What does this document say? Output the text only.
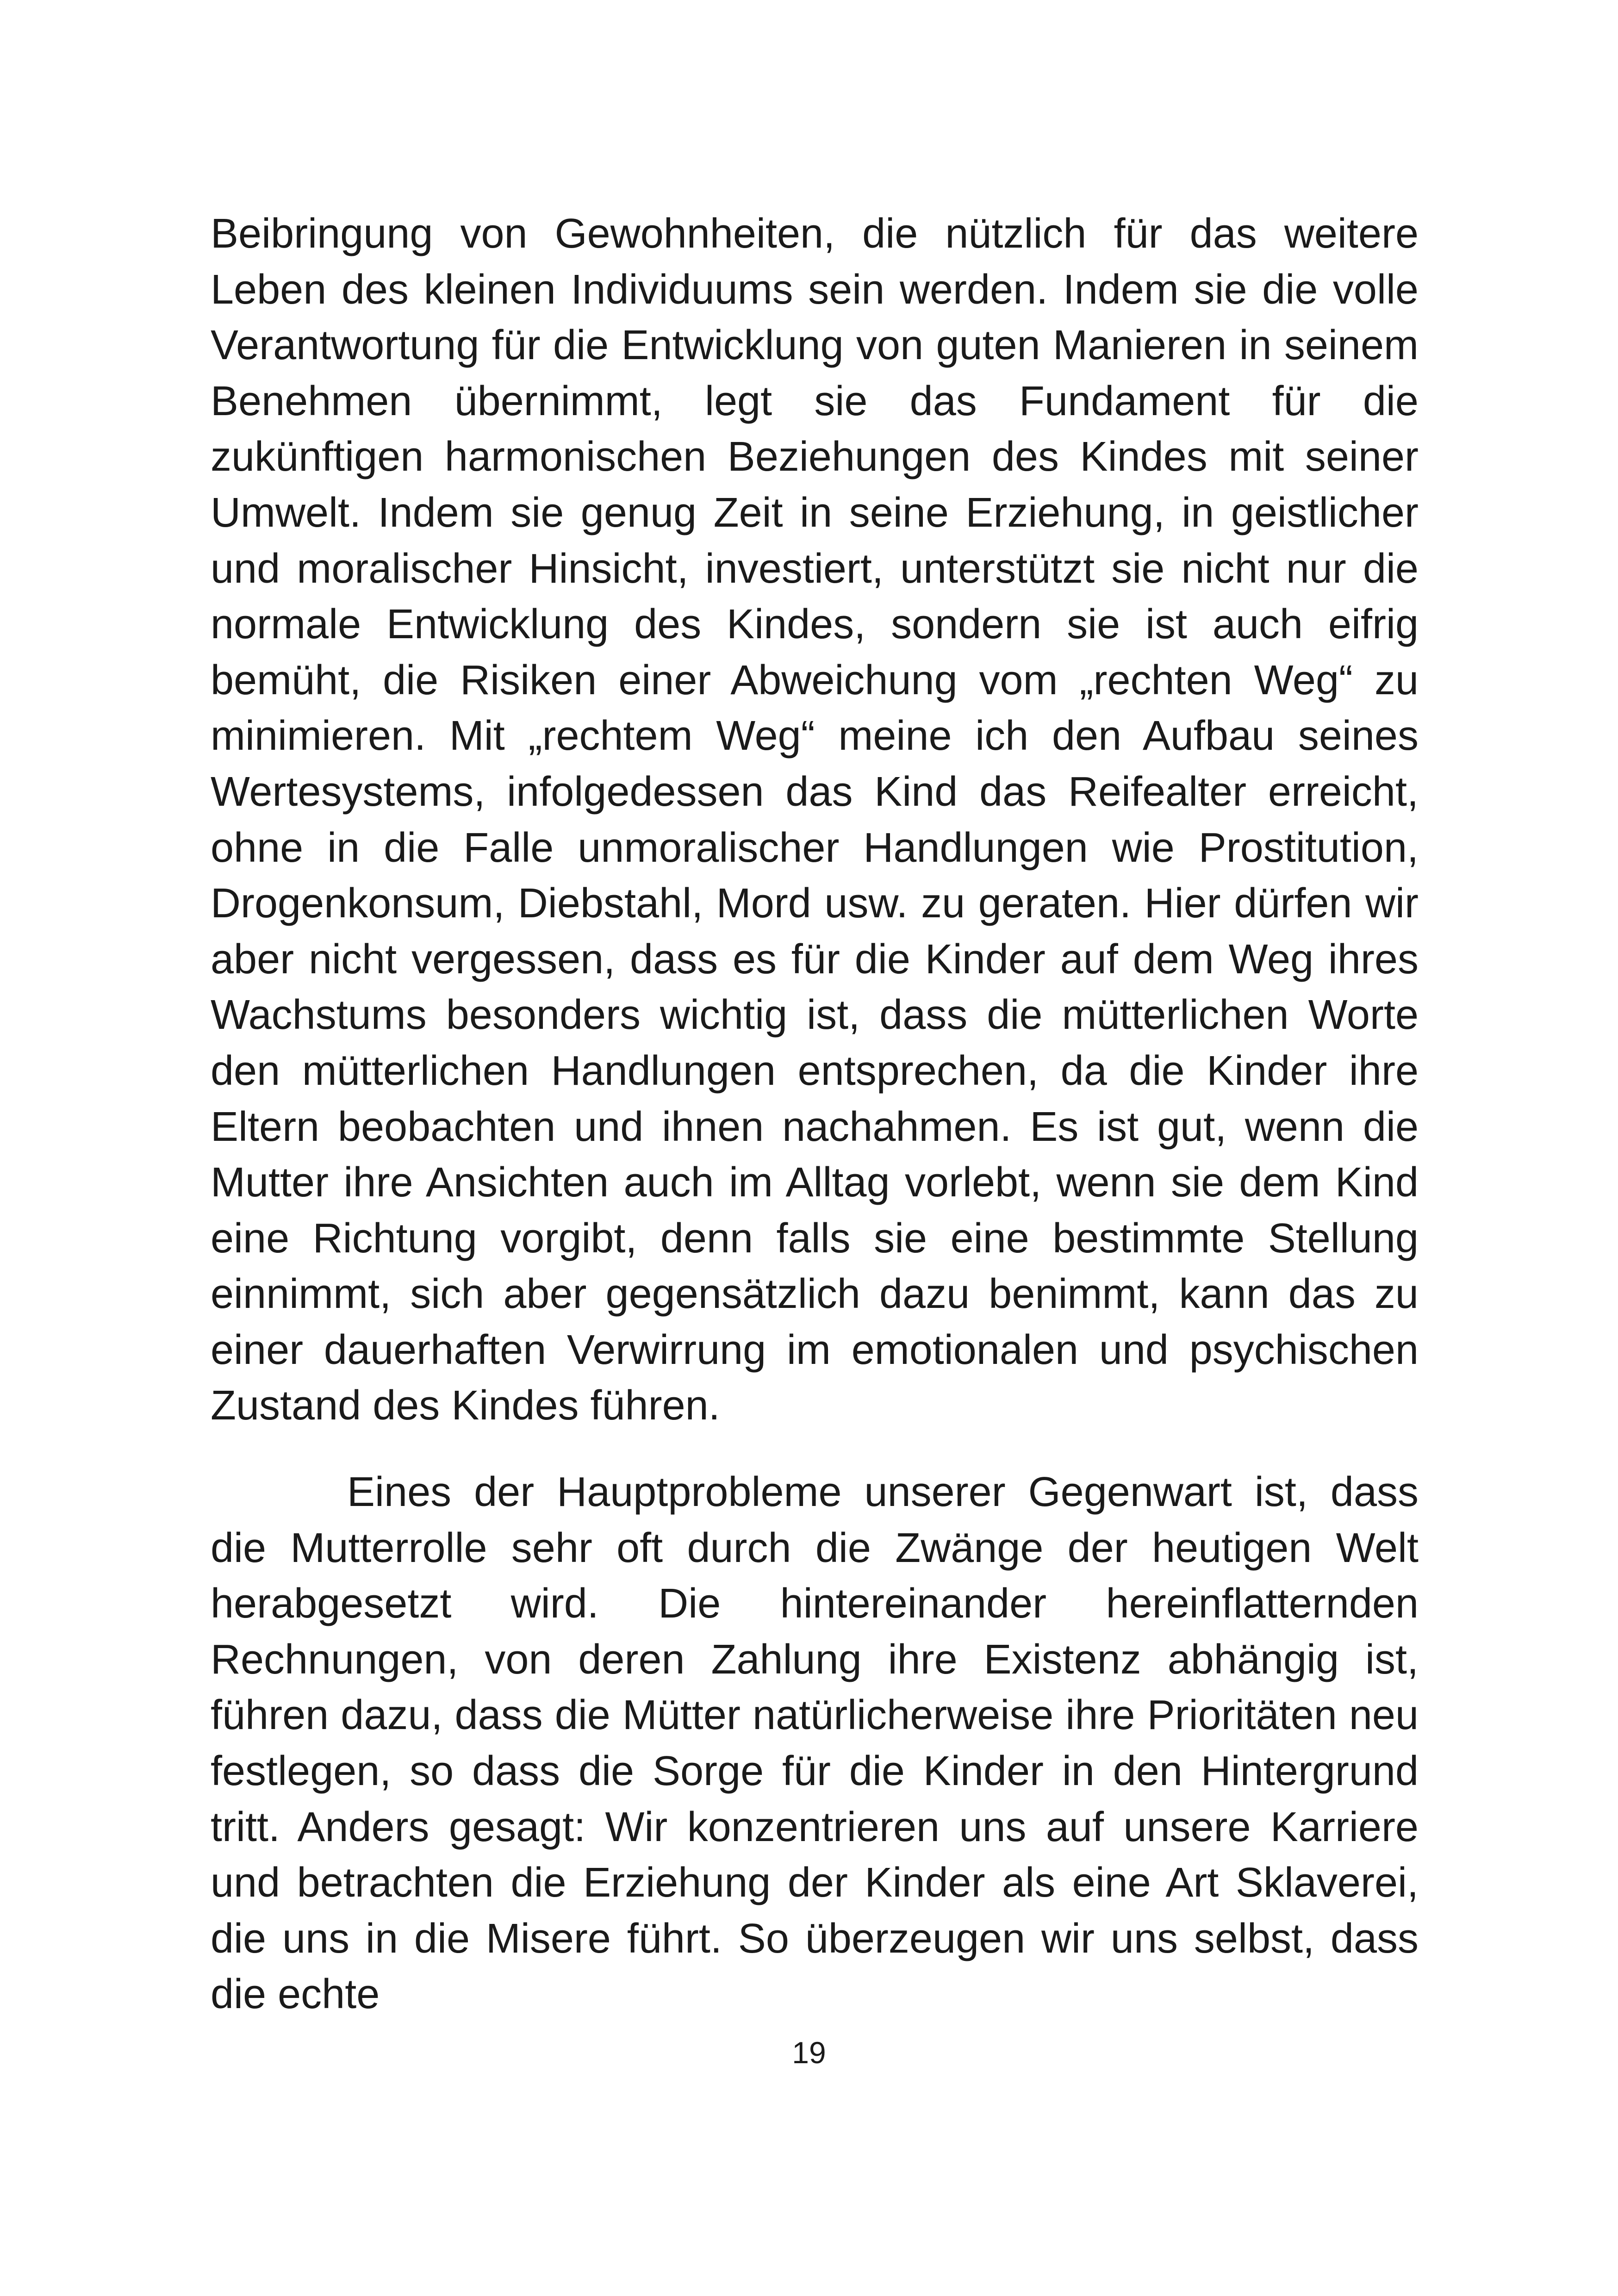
Beibringung von Gewohnheiten, die nützlich für das weitere Leben des kleinen Individuums sein werden. Indem sie die volle Verantwortung für die Entwicklung von guten Manieren in seinem Benehmen übernimmt, legt sie das Fundament für die zukünftigen harmonischen Beziehungen des Kindes mit seiner Umwelt. Indem sie genug Zeit in seine Erziehung, in geistlicher und moralischer Hinsicht, investiert, unterstützt sie nicht nur die normale Entwicklung des Kindes, sondern sie ist auch eifrig bemüht, die Risiken einer Abweichung vom „rechten Weg“ zu minimieren. Mit „rechtem Weg“ meine ich den Aufbau seines Wertesystems, infolgedessen das Kind das Reifealter erreicht, ohne in die Falle unmoralischer Handlungen wie Prostitution, Drogenkonsum, Diebstahl, Mord usw. zu geraten. Hier dürfen wir aber nicht vergessen, dass es für die Kinder auf dem Weg ihres Wachstums besonders wichtig ist, dass die mütterlichen Worte den mütterlichen Handlungen entsprechen, da die Kinder ihre Eltern beobachten und ihnen nachahmen. Es ist gut, wenn die Mutter ihre Ansichten auch im Alltag vorlebt, wenn sie dem Kind eine Richtung vorgibt, denn falls sie eine bestimmte Stellung einnimmt, sich aber gegensätzlich dazu benimmt, kann das zu einer dauerhaften Verwirrung im emotionalen und psychischen Zustand des Kindes führen.

Eines der Hauptprobleme unserer Gegenwart ist, dass die Mutterrolle sehr oft durch die Zwänge der heutigen Welt herabgesetzt wird. Die hintereinander hereinflatternden Rechnungen, von deren Zahlung ihre Existenz abhängig ist, führen dazu, dass die Mütter natürlicherweise ihre Prioritäten neu festlegen, so dass die Sorge für die Kinder in den Hintergrund tritt. Anders gesagt: Wir konzentrieren uns auf unsere Karriere und betrachten die Erziehung der Kinder als eine Art Sklaverei, die uns in die Misere führt. So überzeugen wir uns selbst, dass die echte

19
